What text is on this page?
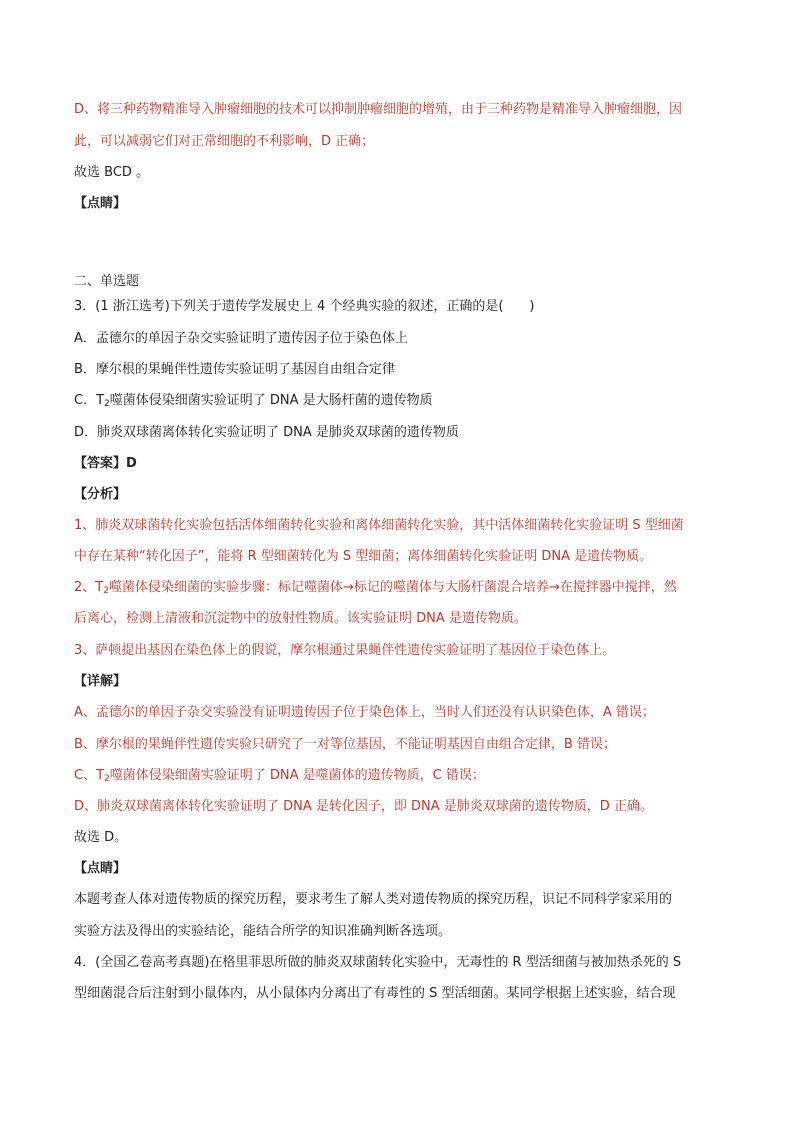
D、将三种药物精准导入肿瘤细胞的技术可以抑制肿瘤细胞的增殖，由于三种药物是精准导入肿瘤细胞，因
此，可以减弱它们对正常细胞的不利影响，D 正确；
故选 BCD 。
【点睛】
二、单选题
3．(1 浙江选考)下列关于遗传学发展史上 4 个经典实验的叙述，正确的是(　　)
A．孟德尔的单因子杂交实验证明了遗传因子位于染色体上
B．摩尔根的果蝇伴性遗传实验证明了基因自由组合定律
C．$T_2$噬菌体侵染细菌实验证明了 DNA 是大肠杆菌的遗传物质
D．肺炎双球菌离体转化实验证明了 DNA 是肺炎双球菌的遗传物质
【答案】D
【分析】
1、肺炎双球菌转化实验包括活体细菌转化实验和离体细菌转化实验，其中活体细菌转化实验证明 S 型细菌
中存在某种“转化因子”，能将 R 型细菌转化为 S 型细菌；离体细菌转化实验证明 DNA 是遗传物质。
2、$T_2$噬菌体侵染细菌的实验步骤：标记噬菌体→标记的噬菌体与大肠杆菌混合培养→在搅拌器中搅拌，然
后离心，检测上清液和沉淀物中的放射性物质。该实验证明 DNA 是遗传物质。
3、萨顿提出基因在染色体上的假说，摩尔根通过果蝇伴性遗传实验证明了基因位于染色体上。
【详解】
A、孟德尔的单因子杂交实验没有证明遗传因子位于染色体上，当时人们还没有认识染色体，A 错误；
B、摩尔根的果蝇伴性遗传实验只研究了一对等位基因，不能证明基因自由组合定律，B 错误；
C、$T_2$噬菌体侵染细菌实验证明了 DNA 是噬菌体的遗传物质，C 错误；
D、肺炎双球菌离体转化实验证明了 DNA 是转化因子，即 DNA 是肺炎双球菌的遗传物质，D 正确。
故选 D。
【点睛】
本题考查人体对遗传物质的探究历程，要求考生了解人类对遗传物质的探究历程，识记不同科学家采用的
实验方法及得出的实验结论，能结合所学的知识准确判断各选项。
4．(全国乙卷高考真题)在格里菲思所做的肺炎双球菌转化实验中，无毒性的 R 型活细菌与被加热杀死的 S
型细菌混合后注射到小鼠体内，从小鼠体内分离出了有毒性的 S 型活细菌。某同学根据上述实验，结合现
